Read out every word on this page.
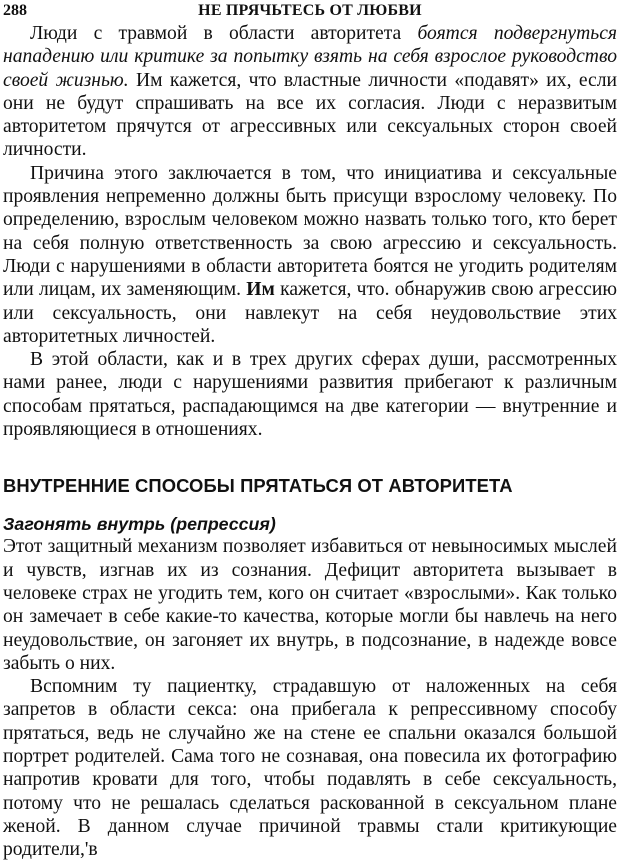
288	НЕ ПРЯЧЬТЕСЬ ОТ ЛЮБВИ

Люди с травмой в области авторитета боятся подвергнуться нападению или критике за попытку взять на себя взрослое руководство своей жизнью. Им кажется, что властные личности «подавят» их, если они не будут спрашивать на все их согласия. Люди с неразвитым авторитетом прячутся от агрессивных или сексуальных сторон своей личности.

Причина этого заключается в том, что инициатива и сексуальные проявления непременно должны быть присущи взрослому человеку. По определению, взрослым человеком можно назвать только того, кто берет на себя полную ответственность за свою агрессию и сексуальность. Люди с нарушениями в области авторитета боятся не угодить родителям или лицам, их заменяющим. Им кажется, что. обнаружив свою агрессию или сексуальность, они навлекут на себя неудовольствие этих авторитетных личностей.

В этой области, как и в трех других сферах души, рассмотренных нами ранее, люди с нарушениями развития прибегают к различным способам прятаться, распадающимся на две категории — внутренние и проявляющиеся в отношениях.

ВНУТРЕННИЕ СПОСОБЫ ПРЯТАТЬСЯ ОТ АВТОРИТЕТА
Загонять внутрь (репрессия)

Этот защитный механизм позволяет избавиться от невыносимых мыслей и чувств, изгнав их из сознания. Дефицит авторитета вызывает в человеке страх не угодить тем, кого он считает «взрослыми». Как только он замечает в себе какие-то качества, которые могли бы навлечь на него неудовольствие, он загоняет их внутрь, в подсознание, в надежде вовсе забыть о них.

Вспомним ту пациентку, страдавшую от наложенных на себя запретов в области секса: она прибегала к репрессивному способу прятаться, ведь не случайно же на стене ее спальни оказался большой портрет родителей. Сама того не сознавая, она повесила их фотографию напротив кровати для того, чтобы подавлять в себе сексуальность, потому что не решалась сделаться раскованной в сексуальном плане женой. В данном случае причиной травмы стали критикующие родители,'в
